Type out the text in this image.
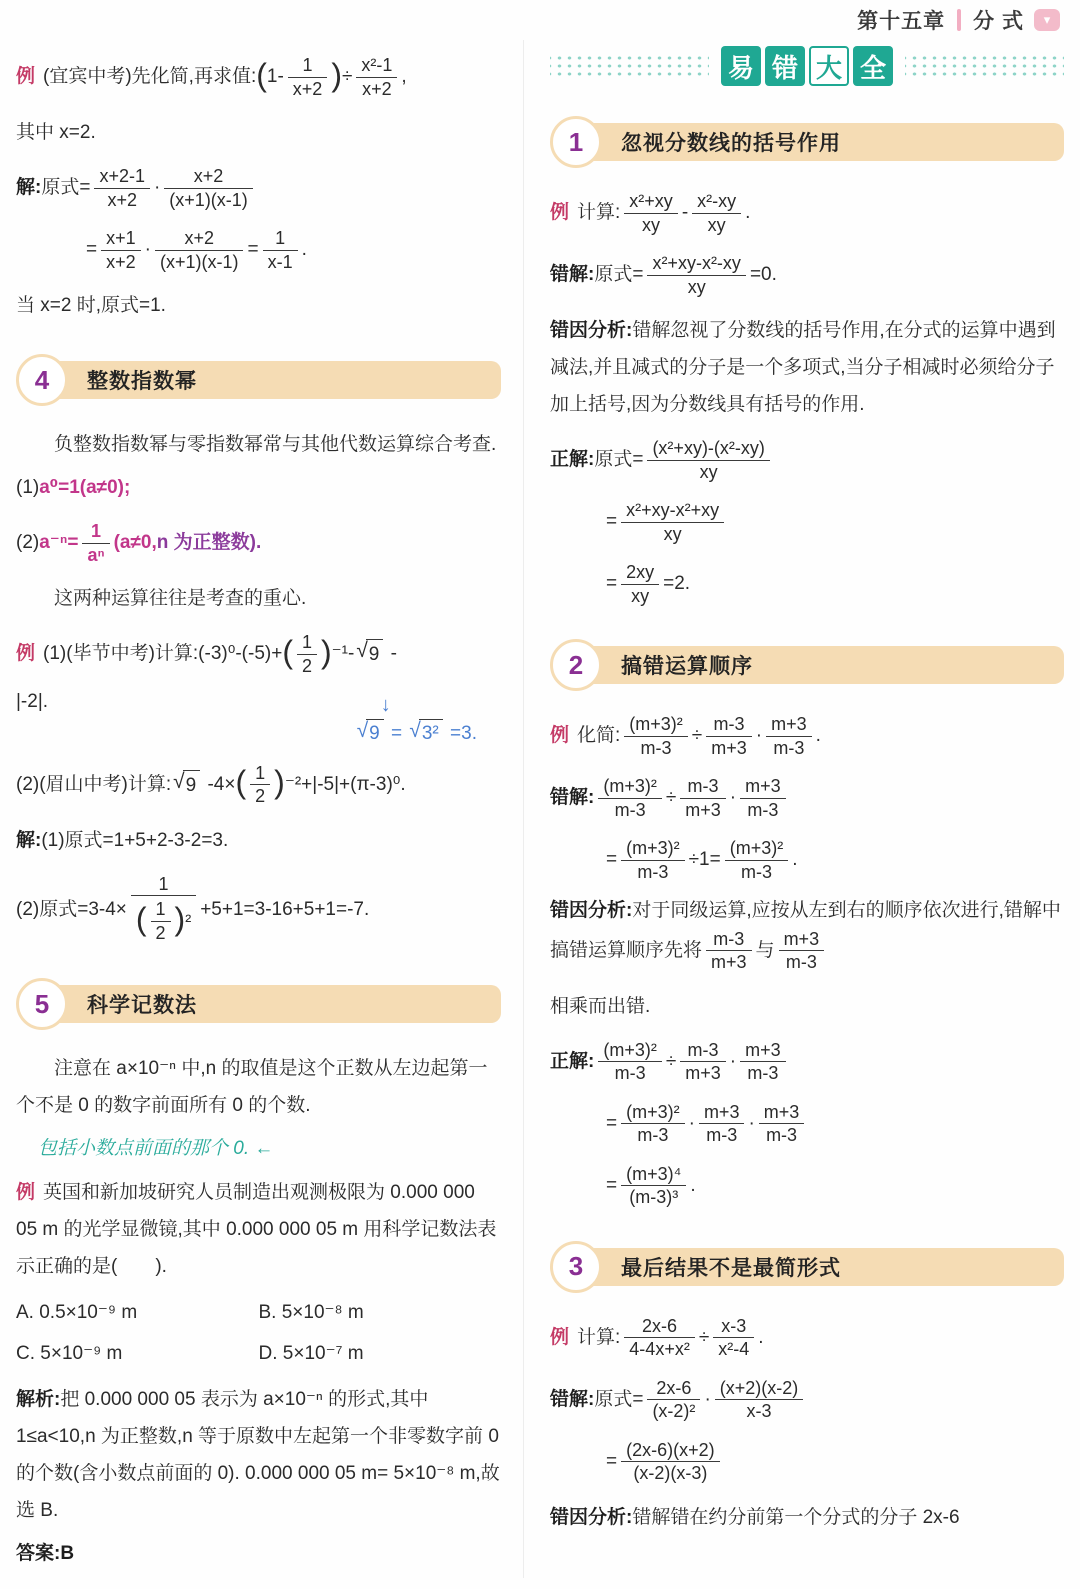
第十五章 分 式	▾
例 (宜宾中考)先化简,再求值:(1- $\frac{1}{x+2}$ )÷ $\frac{\text{x²-1}}{x+2}$ ,
其中 x=2.
解:原式= $\frac{x+2-1}{x+2} \cdot \frac{x+2}{(x+1)(x-1)}$
= $\frac{x+1}{x+2} \cdot \frac{x+2}{(x+1)(x-1)} = \frac{1}{x-1}$ .
当 x=2 时,原式=1.
4	整数指数幂
负整数指数幂与零指数幂常与其他代数运算综合考查.
(1)a⁰=1(a≠0);
$(2)a^{-n}= \frac{1}{\text{aⁿ}} (a\ne 0,n$ 为正整数).
这两种运算往往是考查的重心.
例 (1)(毕节中考)计算:(-3)⁰-(-5)+( $\frac{1}{2} )^{-1}-$ √ 9 -
|-2|.	↓
√ 9 = √ 3² =3.
(2)(眉山中考)计算: √ 9 $-4\times( \frac{1}{2} )^{-2}+|-5|+(\pi-3)^0$.
解:(1)原式=1+5+2-3-2=3.
(2)原式$=3-4\times \frac{1}{( \frac{1}{2} ) ^2} +5+1=3-16+5+1=-7$.
5	科学记数法
注意在 a×10⁻ⁿ 中,n 的取值是这个正数从左边起第一个不是 0 的数字前面所有 0 的个数.
包括小数点前面的那个 0. ←
例 英国和新加坡研究人员制造出观测极限为 0.000 000 05 m 的光学显微镜,其中 0.000 000 05 m 用科学记数法表示正确的是(　　).
A. 0.5×10⁻⁹ m	B. 5×10⁻⁸ m
C. 5×10⁻⁹ m	D. 5×10⁻⁷ m
解析:把 0.000 000 05 表示为 a×10⁻ⁿ 的形式,其中1≤a<10,n 为正整数,n 等于原数中左起第一个非零数字前 0 的个数(含小数点前面的 0). 0.000 000 05 m= 5×10⁻⁸ m,故选 B.
答案:B
易 错 大 全
1	忽视分数线的括号作用
例 计算: $\frac{\text{x²+xy}}{xy} - \frac{\text{x²-xy}}{xy}$ .
错解:原式= $\frac{\text{x²+xy-x²-xy}}{xy} =0$.
错因分析:错解忽视了分数线的括号作用,在分式的运算中遇到减法,并且减式的分子是一个多项式,当分子相减时必须给分子加上括号,因为分数线具有括号的作用.
正解:原式= $\frac{\text{(x²+xy)-(x²-xy)}}{xy}$
= $\frac{\text{x²+xy-x²+xy}}{xy}$
= $\frac{2xy}{xy} =2$.
2	搞错运算顺序
例 化简: $\frac{\text{(m+3)²}}{m-3} \div \frac{m-3}{m+3} \cdot \frac{m+3}{m-3}$ .
错解: $\frac{\text{(m+3)²}}{m-3} \div \frac{m-3}{m+3} \cdot \frac{m+3}{m-3}$
= $\frac{\text{(m+3)²}}{m-3} \div 1= \frac{\text{(m+3)²}}{m-3}$ .
错因分析:对于同级运算,应按从左到右的顺序依次进行,错解中搞错运算顺序先将 $\frac{m-3}{m+3}$ 与 $\frac{m+3}{m-3}$
相乘而出错.
正解: $\frac{\text{(m+3)²}}{m-3} \div \frac{m-3}{m+3} \cdot \frac{m+3}{m-3}$
= $\frac{\text{(m+3)²}}{m-3} \cdot \frac{m+3}{m-3} \cdot \frac{m+3}{m-3}$
= $\frac{\text{(m+3)⁴}}{\text{(m-3)³}}$ .
3	最后结果不是最简形式
例 计算: $\frac{2x-6}{\text{4-4x+x²}} \div \frac{x-3}{\text{x²-4}}$ .
错解:原式= $\frac{2x-6}{\text{(x-2)²}} \cdot \frac{(x+2)(x-2)}{x-3}$
= $\frac{(2x-6)(x+2)}{(x-2)(x-3)}$
错因分析:错解错在约分前第一个分式的分子 2x-6
